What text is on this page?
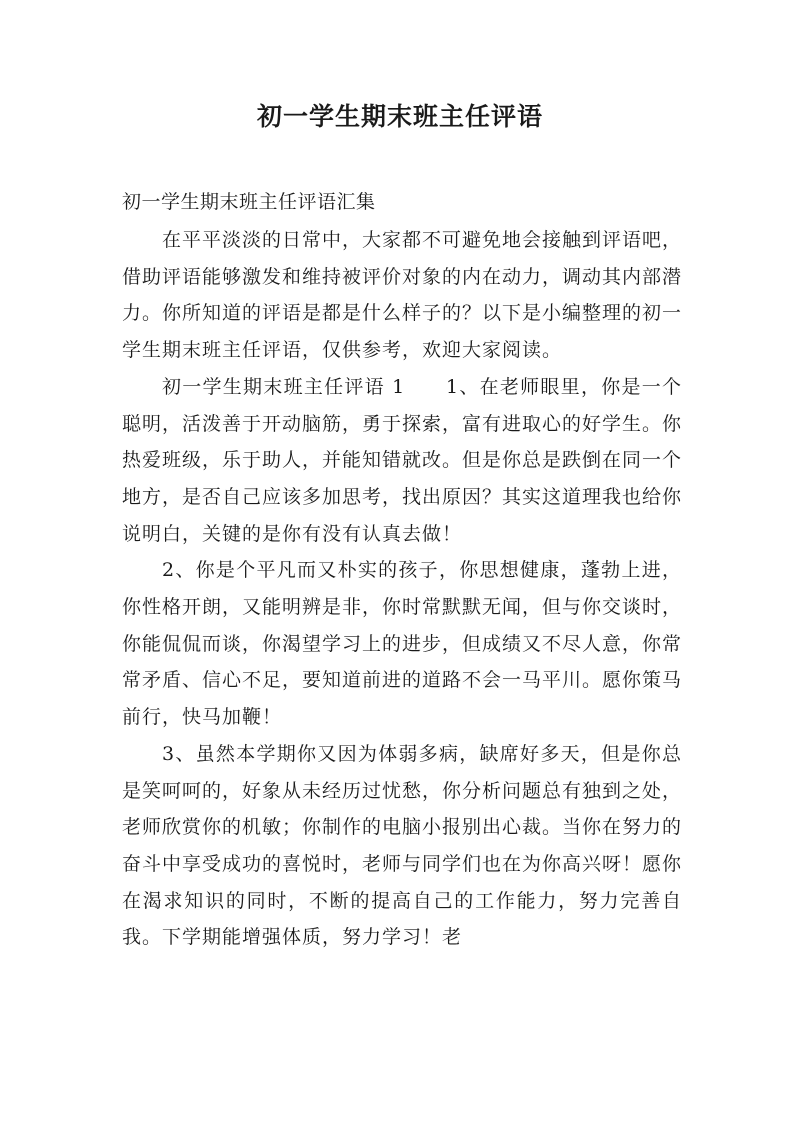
初一学生期末班主任评语

初一学生期末班主任评语汇集

在平平淡淡的日常中，大家都不可避免地会接触到评语吧，借助评语能够激发和维持被评价对象的内在动力，调动其内部潜力。你所知道的评语是都是什么样子的？以下是小编整理的初一学生期末班主任评语，仅供参考，欢迎大家阅读。

初一学生期末班主任评语 1　　1、在老师眼里，你是一个聪明，活泼善于开动脑筋，勇于探索，富有进取心的好学生。你热爱班级，乐于助人，并能知错就改。但是你总是跌倒在同一个地方，是否自己应该多加思考，找出原因？其实这道理我也给你说明白，关键的是你有没有认真去做！

2、你是个平凡而又朴实的孩子，你思想健康，蓬勃上进，你性格开朗，又能明辨是非，你时常默默无闻，但与你交谈时，你能侃侃而谈，你渴望学习上的进步，但成绩又不尽人意，你常常矛盾、信心不足，要知道前进的道路不会一马平川。愿你策马前行，快马加鞭！

3、虽然本学期你又因为体弱多病，缺席好多天，但是你总是笑呵呵的，好象从未经历过忧愁，你分析问题总有独到之处，老师欣赏你的机敏；你制作的电脑小报别出心裁。当你在努力的奋斗中享受成功的喜悦时，老师与同学们也在为你高兴呀！愿你在渴求知识的同时，不断的提高自己的工作能力，努力完善自我。下学期能增强体质，努力学习！老
